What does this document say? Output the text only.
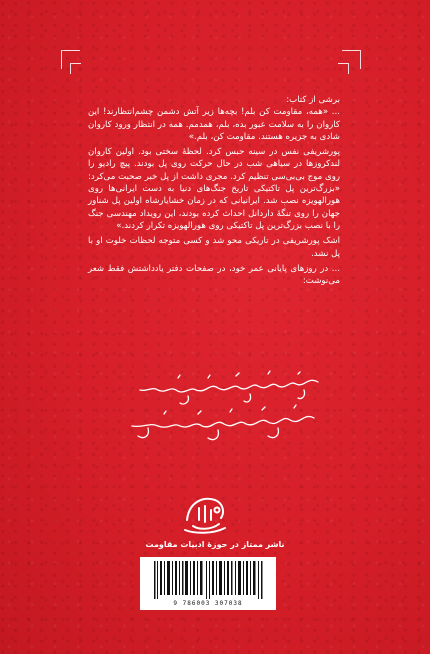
برشی از کتاب:

... «همه، مقاومت کن بلم! بچه‌ها زیر آتش دشمن چشم‌انتظارند! این کاروان را به سلامت عبور بده، بلم، همدمم. همه در انتظار ورود کاروان شادی به جزیره هستند. مقاومت کن، بلم.»

پورشریفی نفس در سینه حبس کرد. لحظهٔ سختی بود. اولین کاروان لندکروزها در سیاهی شب در حال حرکت روی پل بودند. پیچ رادیو را روی موج بی‌بی‌سی تنظیم کرد. مجری داشت از پل خبر صحبت می‌کرد: «بزرگ‌ترین پل تاکتیکی تاریخ جنگ‌های دنیا به دست ایرانی‌ها روی هورالهویزه نصب شد. ایرانیانی که در زمان خشایارشاه اولین پل شناور جهان را روی تنگهٔ داردانل احداث کرده بودند، این رویداد مهندسی جنگ را با نصب بزرگ‌ترین پل تاکتیکی روی هورالهویزه تکرار کردند.»

اشک پورشریفی در تاریکی محو شد و کسی متوجه لحظات خلوت او با پل نشد.

... در روزهای پایانی عمر خود، در صفحات دفتر یادداشتش فقط شعر می‌نوشت:

ناشر ممتاز در حوزهٔ ادبیات مقاومت
9 786003 307038
